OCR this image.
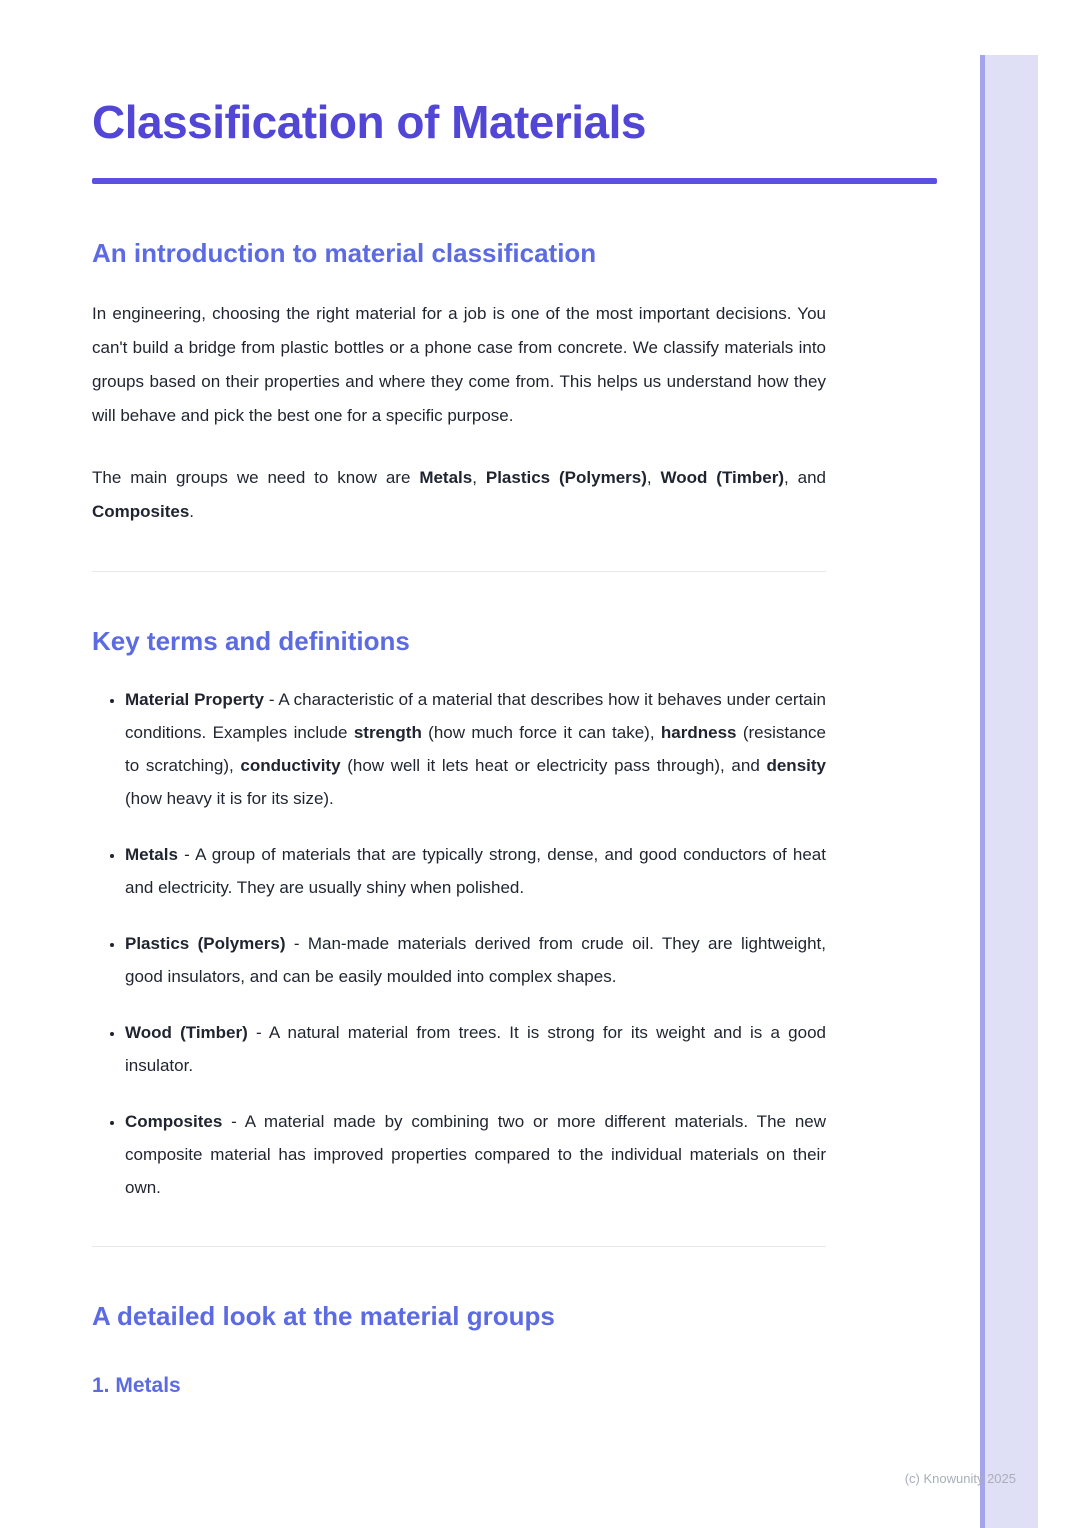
Classification of Materials
An introduction to material classification

In engineering, choosing the right material for a job is one of the most important decisions. You can't build a bridge from plastic bottles or a phone case from concrete. We classify materials into groups based on their properties and where they come from. This helps us understand how they will behave and pick the best one for a specific purpose.

The main groups we need to know are Metals, Plastics (Polymers), Wood (Timber), and Composites.

Key terms and definitions
• Material Property - A characteristic of a material that describes how it behaves under certain conditions. Examples include strength (how much force it can take), hardness (resistance to scratching), conductivity (how well it lets heat or electricity pass through), and density (how heavy it is for its size).
• Metals - A group of materials that are typically strong, dense, and good conductors of heat and electricity. They are usually shiny when polished.
• Plastics (Polymers) - Man-made materials derived from crude oil. They are lightweight, good insulators, and can be easily moulded into complex shapes.
• Wood (Timber) - A natural material from trees. It is strong for its weight and is a good insulator.
• Composites - A material made by combining two or more different materials. The new composite material has improved properties compared to the individual materials on their own.
A detailed look at the material groups
1. Metals
(c) Knowunity 2025
